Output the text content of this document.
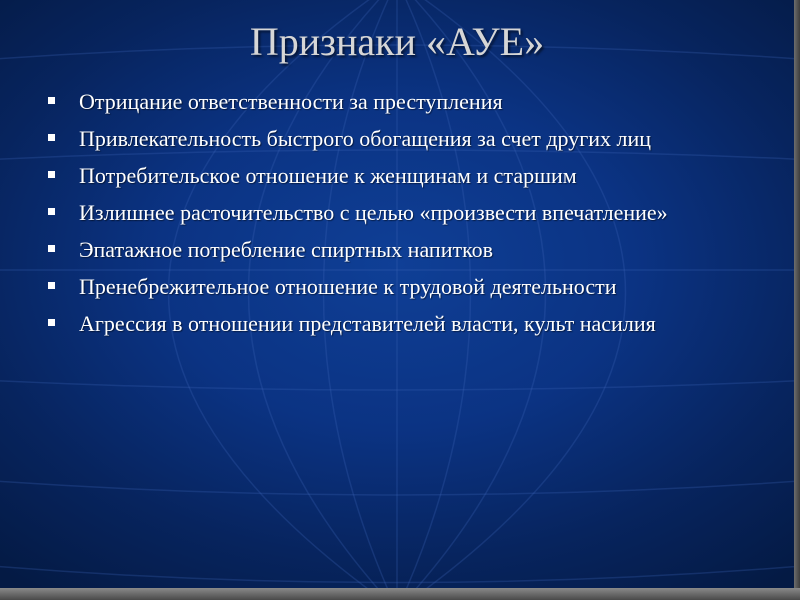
Признаки «АУЕ»
Отрицание ответственности за преступления
Привлекательность быстрого обогащения за счет других лиц
Потребительское отношение к женщинам и старшим
Излишнее расточительство с целью «произвести впечатление»
Эпатажное потребление спиртных напитков
Пренебрежительное отношение к трудовой деятельности
Агрессия в отношении представителей власти, культ насилия
